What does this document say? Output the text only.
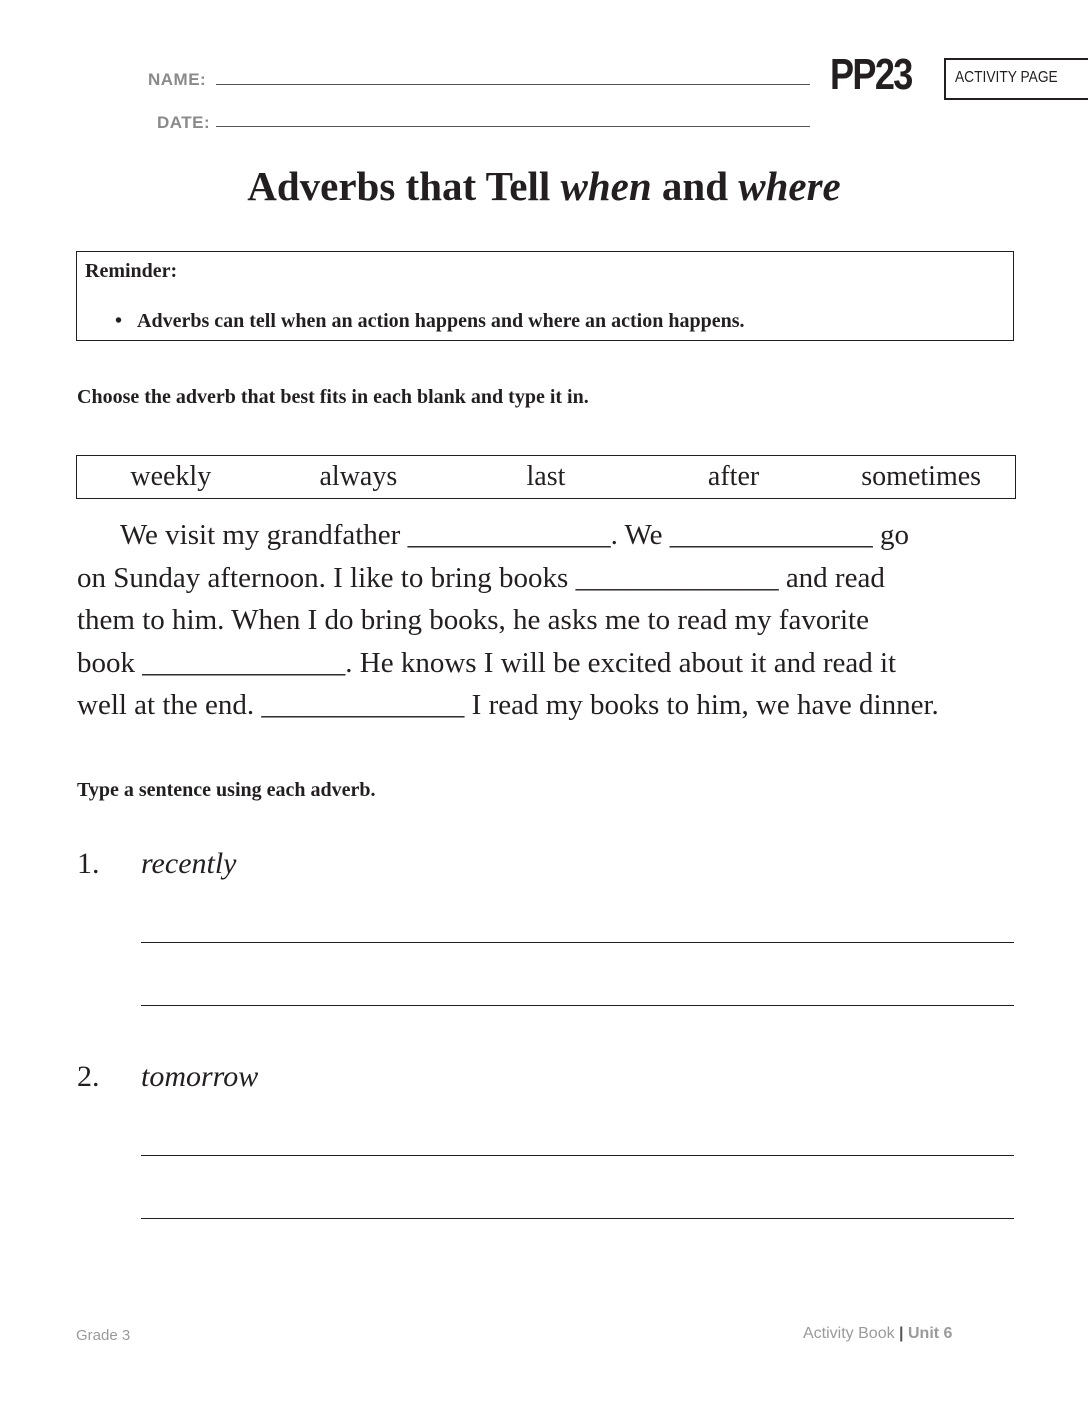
NAME:
DATE:
PP23	ACTIVITY PAGE
Adverbs that Tell when and where
Reminder:
• Adverbs can tell when an action happens and where an action happens.
Choose the adverb that best fits in each blank and type it in.
weekly	always	last	after	sometimes
We visit my grandfather ______________. We ______________ go
on Sunday afternoon. I like to bring books ______________ and read
them to him. When I do bring books, he asks me to read my favorite
book ______________. He knows I will be excited about it and read it
well at the end. ______________ I read my books to him, we have dinner.
Type a sentence using each adverb.
1. recently
2. tomorrow
Grade 3	Activity Book | Unit 6
